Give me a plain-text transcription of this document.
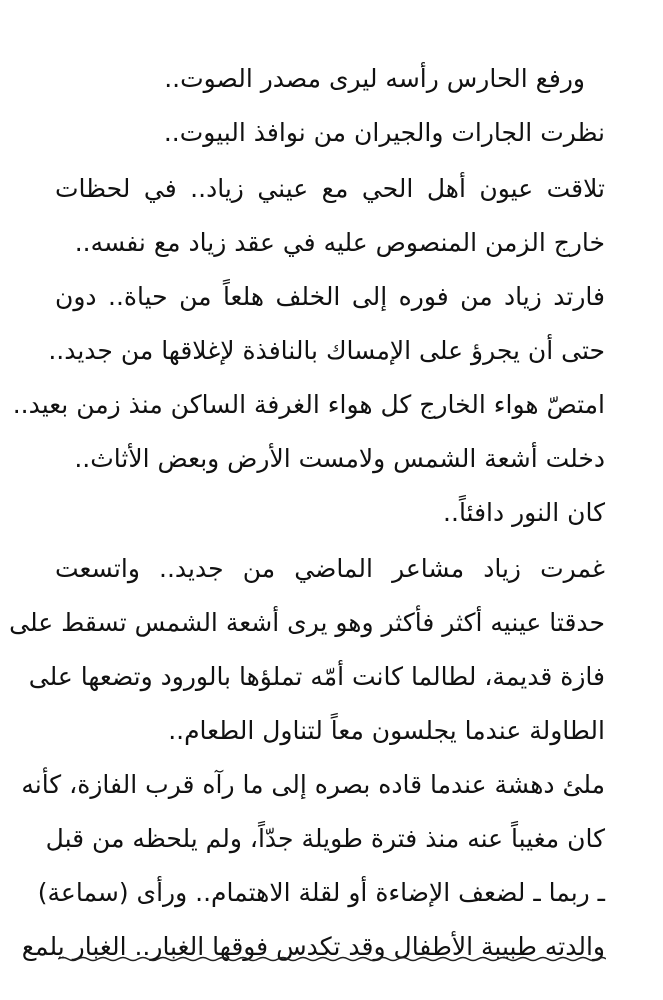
ورفع الحارس رأسه ليرى مصدر الصوت..
نظرت الجارات والجيران من نوافذ البيوت..
تلاقت عيون أهل الحي مع عيني زياد.. في لحظات
خارج الزمن المنصوص عليه في عقد زياد مع نفسه..
فارتد زياد من فوره إلى الخلف هلعاً من حياة.. دون
حتى أن يجرؤ على الإمساك بالنافذة لإغلاقها من جديد..
امتصّ هواء الخارج كل هواء الغرفة الساكن منذ زمن بعيد..
دخلت أشعة الشمس ولامست الأرض وبعض الأثاث..
كان النور دافئاً..
غمرت زياد مشاعر الماضي من جديد.. واتسعت
حدقتا عينيه أكثر فأكثر وهو يرى أشعة الشمس تسقط على
فازة قديمة، لطالما كانت أمّه تملؤها بالورود وتضعها على
الطاولة عندما يجلسون معاً لتناول الطعام..
ملئ دهشة عندما قاده بصره إلى ما رآه قرب الفازة، كأنه
كان مغيباً عنه منذ فترة طويلة جدّاً، ولم يلحظه من قبل
ـ ربما ـ لضعف الإضاءة أو لقلة الاهتمام.. ورأى (سماعة)
والدته طبيبة الأطفال وقد تكدس فوقها الغبار.. الغبار يلمع
